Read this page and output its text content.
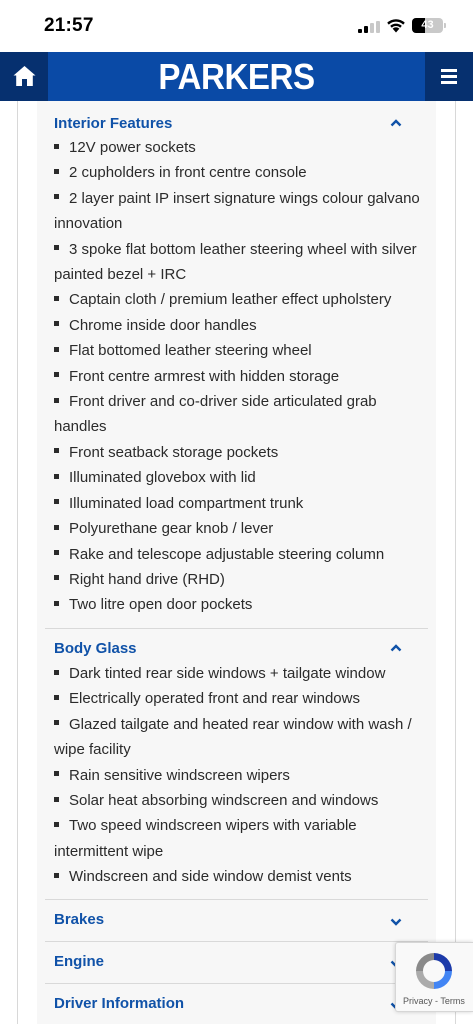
21:57	43
PARKERS
Interior Features
12V power sockets
2 cupholders in front centre console
2 layer paint IP insert signature wings colour galvano innovation
3 spoke flat bottom leather steering wheel with silver painted bezel + IRC
Captain cloth / premium leather effect upholstery
Chrome inside door handles
Flat bottomed leather steering wheel
Front centre armrest with hidden storage
Front driver and co-driver side articulated grab handles
Front seatback storage pockets
Illuminated glovebox with lid
Illuminated load compartment trunk
Polyurethane gear knob / lever
Rake and telescope adjustable steering column
Right hand drive (RHD)
Two litre open door pockets
Body Glass
Dark tinted rear side windows + tailgate window
Electrically operated front and rear windows
Glazed tailgate and heated rear window with wash / wipe facility
Rain sensitive windscreen wipers
Solar heat absorbing windscreen and windows
Two speed windscreen wipers with variable intermittent wipe
Windscreen and side window demist vents
Brakes
Engine
Driver Information	Privacy - Terms
